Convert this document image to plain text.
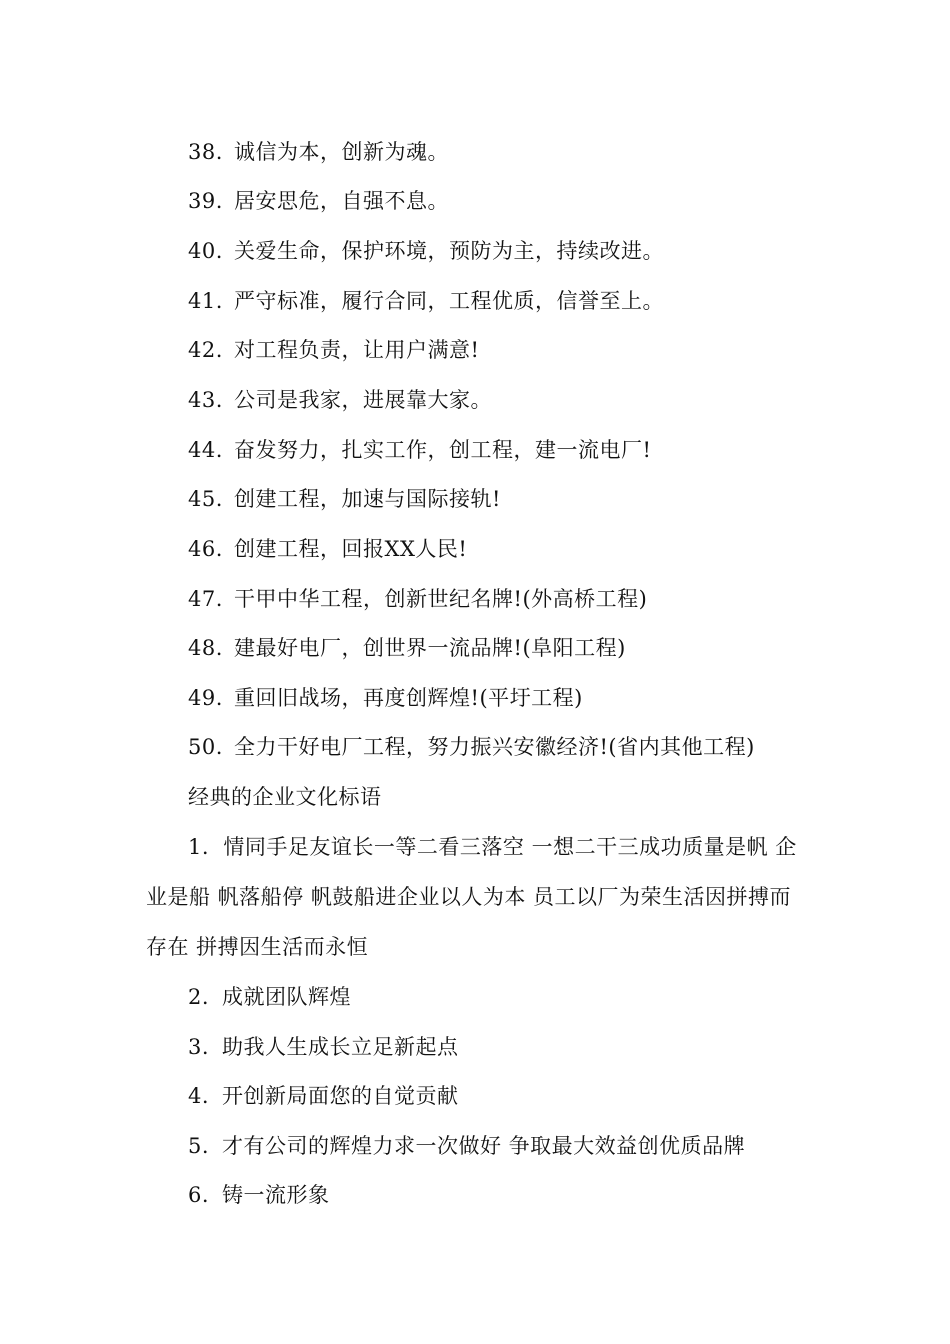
38. 诚信为本，创新为魂。
39. 居安思危，自强不息。
40. 关爱生命，保护环境，预防为主，持续改进。
41. 严守标准，履行合同，工程优质，信誉至上。
42. 对工程负责，让用户满意!
43. 公司是我家，进展靠大家。
44. 奋发努力，扎实工作，创工程，建一流电厂!
45. 创建工程，加速与国际接轨!
46. 创建工程，回报XX人民!
47. 干甲中华工程，创新世纪名牌!(外高桥工程)
48. 建最好电厂，创世界一流品牌!(阜阳工程)
49. 重回旧战场，再度创辉煌!(平圩工程)
50. 全力干好电厂工程，努力振兴安徽经济!(省内其他工程)
经典的企业文化标语
1. 情同手足友谊长一等二看三落空 一想二干三成功质量是帆 企业是船 帆落船停 帆鼓船进企业以人为本 员工以厂为荣生活因拼搏而存在 拼搏因生活而永恒
2. 成就团队辉煌
3. 助我人生成长立足新起点
4. 开创新局面您的自觉贡献
5. 才有公司的辉煌力求一次做好 争取最大效益创优质品牌
6. 铸一流形象
